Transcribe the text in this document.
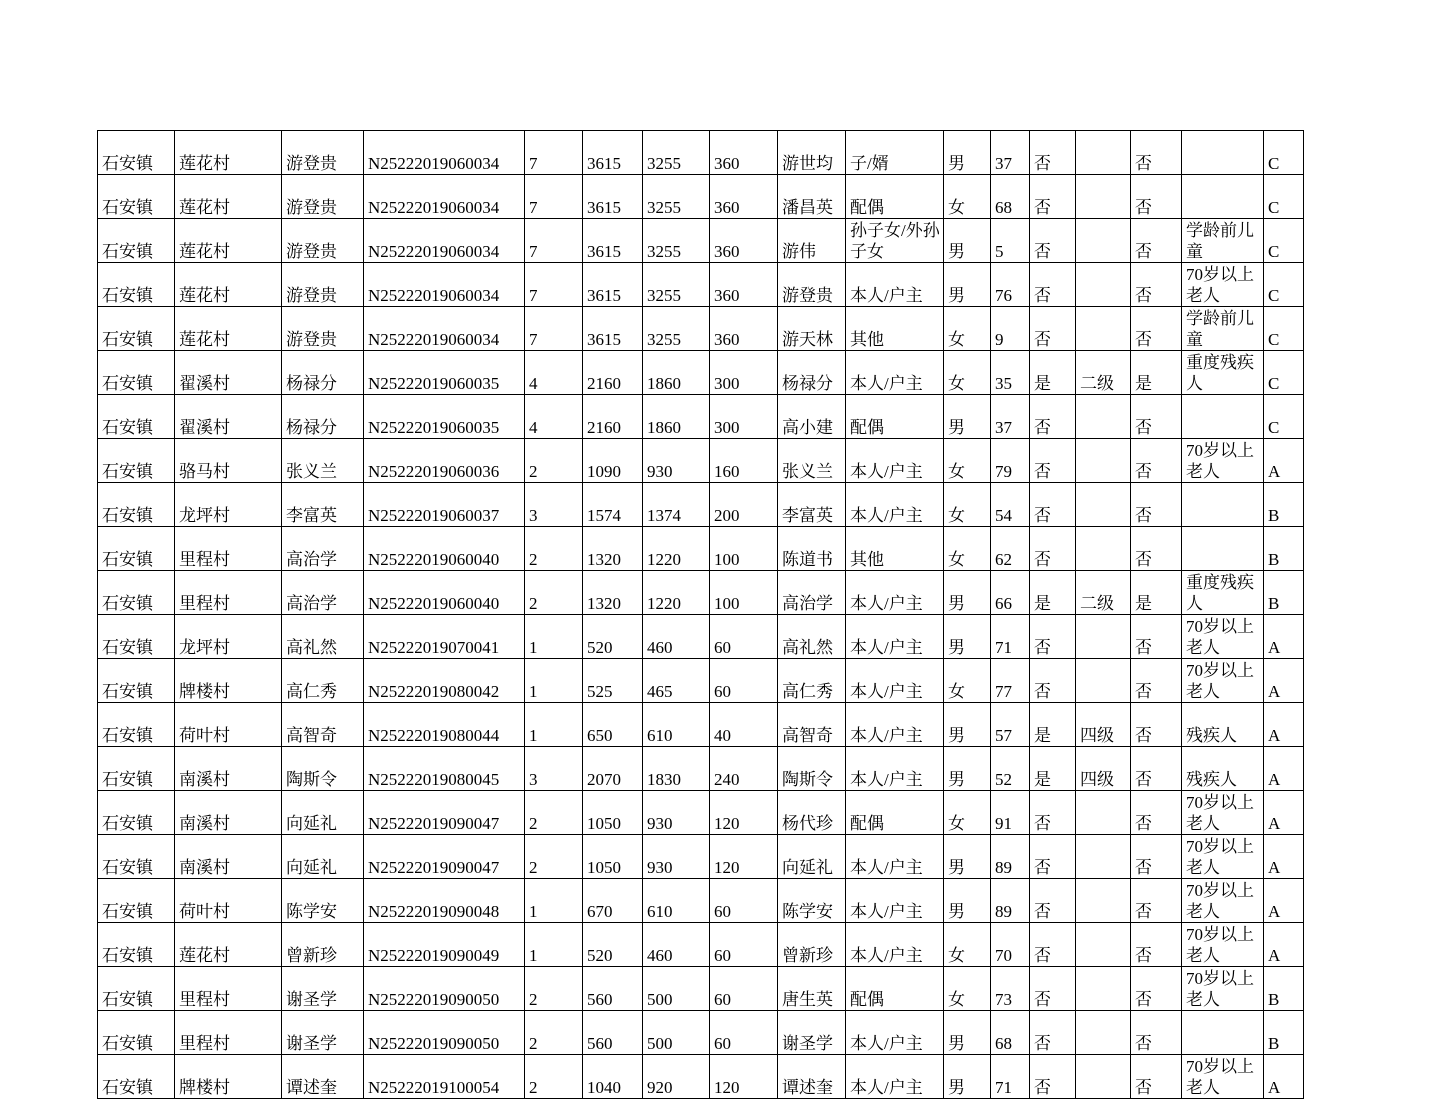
石安镇	莲花村	游登贵	N25222019060034	7	3615	3255	360	游世均	子/婿	男	37	否		否		C
石安镇	莲花村	游登贵	N25222019060034	7	3615	3255	360	潘昌英	配偶	女	68	否		否		C
石安镇	莲花村	游登贵	N25222019060034	7	3615	3255	360	游伟	孙子女/外孙子女	男	5	否		否	学龄前儿童	C
石安镇	莲花村	游登贵	N25222019060034	7	3615	3255	360	游登贵	本人/户主	男	76	否		否	70岁以上老人	C
石安镇	莲花村	游登贵	N25222019060034	7	3615	3255	360	游天林	其他	女	9	否		否	学龄前儿童	C
石安镇	翟溪村	杨禄分	N25222019060035	4	2160	1860	300	杨禄分	本人/户主	女	35	是	二级	是	重度残疾人	C
石安镇	翟溪村	杨禄分	N25222019060035	4	2160	1860	300	高小建	配偶	男	37	否		否		C
石安镇	骆马村	张义兰	N25222019060036	2	1090	930	160	张义兰	本人/户主	女	79	否		否	70岁以上老人	A
石安镇	龙坪村	李富英	N25222019060037	3	1574	1374	200	李富英	本人/户主	女	54	否		否		B
石安镇	里程村	高治学	N25222019060040	2	1320	1220	100	陈道书	其他	女	62	否		否		B
石安镇	里程村	高治学	N25222019060040	2	1320	1220	100	高治学	本人/户主	男	66	是	二级	是	重度残疾人	B
石安镇	龙坪村	高礼然	N25222019070041	1	520	460	60	高礼然	本人/户主	男	71	否		否	70岁以上老人	A
石安镇	牌楼村	高仁秀	N25222019080042	1	525	465	60	高仁秀	本人/户主	女	77	否		否	70岁以上老人	A
石安镇	荷叶村	高智奇	N25222019080044	1	650	610	40	高智奇	本人/户主	男	57	是	四级	否	残疾人	A
石安镇	南溪村	陶斯令	N25222019080045	3	2070	1830	240	陶斯令	本人/户主	男	52	是	四级	否	残疾人	A
石安镇	南溪村	向延礼	N25222019090047	2	1050	930	120	杨代珍	配偶	女	91	否		否	70岁以上老人	A
石安镇	南溪村	向延礼	N25222019090047	2	1050	930	120	向延礼	本人/户主	男	89	否		否	70岁以上老人	A
石安镇	荷叶村	陈学安	N25222019090048	1	670	610	60	陈学安	本人/户主	男	89	否		否	70岁以上老人	A
石安镇	莲花村	曾新珍	N25222019090049	1	520	460	60	曾新珍	本人/户主	女	70	否		否	70岁以上老人	A
石安镇	里程村	谢圣学	N25222019090050	2	560	500	60	唐生英	配偶	女	73	否		否	70岁以上老人	B
石安镇	里程村	谢圣学	N25222019090050	2	560	500	60	谢圣学	本人/户主	男	68	否		否		B
石安镇	牌楼村	谭述奎	N25222019100054	2	1040	920	120	谭述奎	本人/户主	男	71	否		否	70岁以上老人	A
